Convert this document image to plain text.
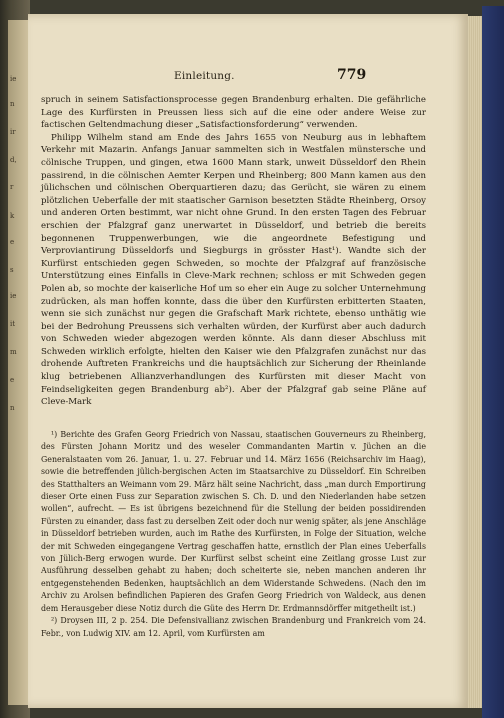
ie
n
ir
d,
r
k
e
s
ie
it
m
e
n
Einleitung.	779

spruch in seinem Satisfactionsprocesse gegen Brandenburg erhalten. Die gefährliche Lage des Kurfürsten in Preussen liess sich auf die eine oder andere Weise zur factischen Geltendmachung dieser „Satisfactionsforderung“ verwenden.

Philipp Wilhelm stand am Ende des Jahrs 1655 von Neuburg aus in lebhaftem Verkehr mit Mazarin. Anfangs Januar sammelten sich in Westfalen münstersche und cölnische Truppen, und gingen, etwa 1600 Mann stark, unweit Düsseldorf den Rhein passirend, in die cölnischen Aemter Kerpen und Rheinberg; 800 Mann kamen aus den jülichschen und cölnischen Oberquartieren dazu; das Gerücht, sie wären zu einem plötzlichen Ueberfalle der mit staatischer Garnison besetzten Städte Rheinberg, Orsoy und anderen Orten bestimmt, war nicht ohne Grund. In den ersten Tagen des Februar erschien der Pfalzgraf ganz unerwartet in Düsseldorf, und betrieb die bereits begonnenen Truppenwerbungen, wie die angeordnete Befestigung und Verproviantirung Düsseldorfs und Siegburgs in grösster Hast¹). Wandte sich der Kurfürst entschieden gegen Schweden, so mochte der Pfalzgraf auf französische Unterstützung eines Einfalls in Cleve-Mark rechnen; schloss er mit Schweden gegen Polen ab, so mochte der kaiserliche Hof um so eher ein Auge zu solcher Unternehmung zudrücken, als man hoffen konnte, dass die über den Kurfürsten erbitterten Staaten, wenn sie sich zunächst nur gegen die Grafschaft Mark richtete, ebenso unthätig wie bei der Bedrohung Preussens sich verhalten würden, der Kurfürst aber auch dadurch von Schweden wieder abgezogen werden könnte. Als dann dieser Abschluss mit Schweden wirklich erfolgte, hielten den Kaiser wie den Pfalzgrafen zunächst nur das drohende Auftreten Frankreichs und die hauptsächlich zur Sicherung der Rheinlande klug betriebenen Allianzverhandlungen des Kurfürsten mit dieser Macht von Feindseligkeiten gegen Brandenburg ab²). Aber der Pfalzgraf gab seine Pläne auf Cleve-Mark

¹) Berichte des Grafen Georg Friedrich von Nassau, staatischen Gouverneurs zu Rheinberg, des Fürsten Johann Moritz und des weseler Commandanten Martin v. Jüchen an die Generalstaaten vom 26. Januar, 1. u. 27. Februar und 14. März 1656 (Reichsarchiv im Haag), sowie die betreffenden jülich-bergischen Acten im Staatsarchive zu Düsseldorf. Ein Schreiben des Statthalters an Weimann vom 29. März hält seine Nachricht, dass „man durch Emportirung dieser Orte einen Fuss zur Separation zwischen S. Ch. D. und den Niederlanden habe setzen wollen“, aufrecht. — Es ist übrigens bezeichnend für die Stellung der beiden possidirenden Fürsten zu einander, dass fast zu derselben Zeit oder doch nur wenig später, als jene Anschläge in Düsseldorf betrieben wurden, auch im Rathe des Kurfürsten, in Folge der Situation, welche der mit Schweden eingegangene Vertrag geschaffen hatte, ernstlich der Plan eines Ueberfalls von Jülich-Berg erwogen wurde. Der Kurfürst selbst scheint eine Zeitlang grosse Lust zur Ausführung desselben gehabt zu haben; doch scheiterte sie, neben manchen anderen ihr entgegenstehenden Bedenken, hauptsächlich an dem Widerstande Schwedens. (Nach den im Archiv zu Arolsen befindlichen Papieren des Grafen Georg Friedrich von Waldeck, aus denen dem Herausgeber diese Notiz durch die Güte des Herrn Dr. Erdmannsdörffer mitgetheilt ist.)

²) Droysen III, 2 p. 254. Die Defensivallianz zwischen Brandenburg und Frankreich vom 24. Febr., von Ludwig XIV. am 12. April, vom Kurfürsten am
